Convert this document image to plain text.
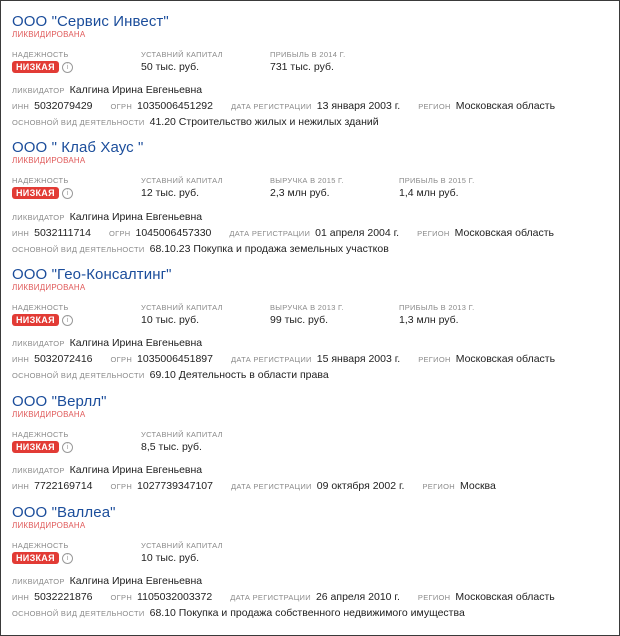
ООО "Сервис Инвест"
ЛИКВИДИРОВАНА
НАДЕЖНОСТЬ
НИЗКАЯ i
УСТАВНИЙ КАПИТАЛ
50 тыс. руб.
ПРИБЫЛЬ В 2014 Г.
731 тыс. руб.
ЛИКВИДАТОР Калгина Ирина Евгеньевна
ИНН 5032079429 ОГРН 1035006451292 ДАТА РЕГИСТРАЦИИ 13 января 2003 г. РЕГИОН Московская область
ОСНОВНОЙ ВИД ДЕЯТЕЛЬНОСТИ 41.20 Строительство жилых и нежилых зданий
ООО " Клаб Хаус "
ЛИКВИДИРОВАНА
НАДЕЖНОСТЬ
НИЗКАЯ i
УСТАВНИЙ КАПИТАЛ
12 тыс. руб.
ВЫРУЧКА В 2015 Г.
2,3 млн руб.
ПРИБЫЛЬ В 2015 Г.
1,4 млн руб.
ЛИКВИДАТОР Калгина Ирина Евгеньевна
ИНН 5032111714 ОГРН 1045006457330 ДАТА РЕГИСТРАЦИИ 01 апреля 2004 г. РЕГИОН Московская область
ОСНОВНОЙ ВИД ДЕЯТЕЛЬНОСТИ 68.10.23 Покупка и продажа земельных участков
ООО "Гео-Консалтинг"
ЛИКВИДИРОВАНА
НАДЕЖНОСТЬ
НИЗКАЯ i
УСТАВНИЙ КАПИТАЛ
10 тыс. руб.
ВЫРУЧКА В 2013 Г.
99 тыс. руб.
ПРИБЫЛЬ В 2013 Г.
1,3 млн руб.
ЛИКВИДАТОР Калгина Ирина Евгеньевна
ИНН 5032072416 ОГРН 1035006451897 ДАТА РЕГИСТРАЦИИ 15 января 2003 г. РЕГИОН Московская область
ОСНОВНОЙ ВИД ДЕЯТЕЛЬНОСТИ 69.10 Деятельность в области права
ООО "Верлл"
ЛИКВИДИРОВАНА
НАДЕЖНОСТЬ
НИЗКАЯ i
УСТАВНИЙ КАПИТАЛ
8,5 тыс. руб.
ЛИКВИДАТОР Калгина Ирина Евгеньевна
ИНН 7722169714 ОГРН 1027739347107 ДАТА РЕГИСТРАЦИИ 09 октября 2002 г. РЕГИОН Москва
ООО "Валлеа"
ЛИКВИДИРОВАНА
НАДЕЖНОСТЬ
НИЗКАЯ i
УСТАВНИЙ КАПИТАЛ
10 тыс. руб.
ЛИКВИДАТОР Калгина Ирина Евгеньевна
ИНН 5032221876 ОГРН 1105032003372 ДАТА РЕГИСТРАЦИИ 26 апреля 2010 г. РЕГИОН Московская область
ОСНОВНОЙ ВИД ДЕЯТЕЛЬНОСТИ 68.10 Покупка и продажа собственного недвижимого имущества
